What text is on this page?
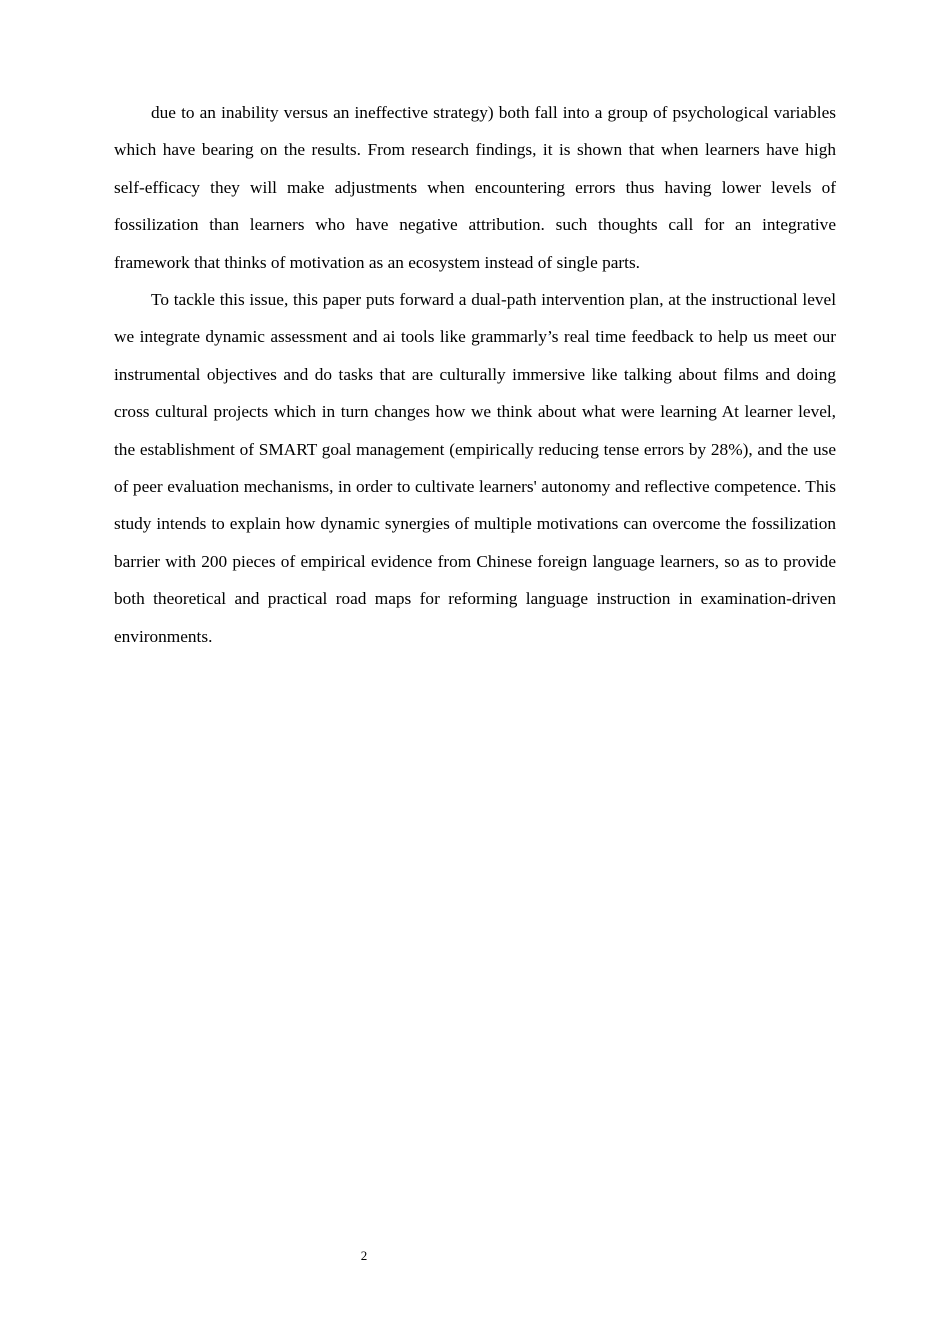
due to an inability versus an ineffective strategy) both fall into a group of psychological variables which have bearing on the results. From research findings, it is shown that when learners have high self-efficacy they will make adjustments when encountering errors thus having lower levels of fossilization than learners who have negative attribution. such thoughts call for an integrative framework that thinks of motivation as an ecosystem instead of single parts.

To tackle this issue, this paper puts forward a dual-path intervention plan, at the instructional level we integrate dynamic assessment and ai tools like grammarly’s real time feedback to help us meet our instrumental objectives and do tasks that are culturally immersive like talking about films and doing cross cultural projects which in turn changes how we think about what were learning At learner level, the establishment of SMART goal management (empirically reducing tense errors by 28%), and the use of peer evaluation mechanisms, in order to cultivate learners' autonomy and reflective competence. This study intends to explain how dynamic synergies of multiple motivations can overcome the fossilization barrier with 200 pieces of empirical evidence from Chinese foreign language learners, so as to provide both theoretical and practical road maps for reforming language instruction in examination-driven environments.

2
